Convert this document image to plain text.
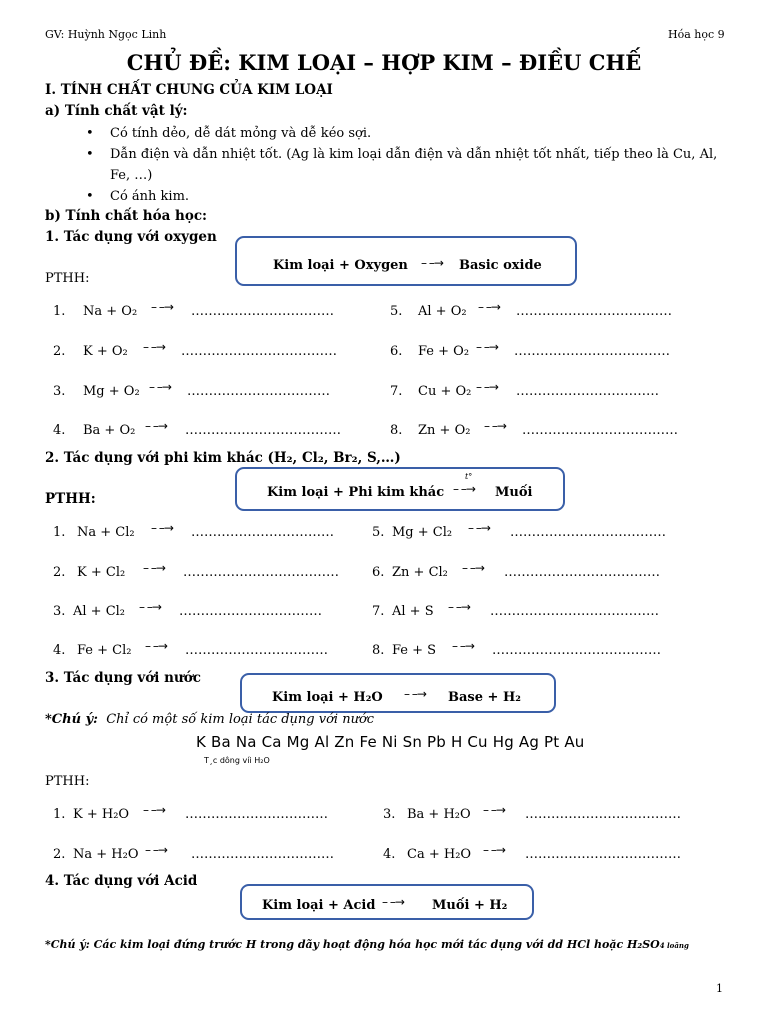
GV: Huỳnh Ngọc Linh	Hóa học 9
CHỦ ĐỀ: KIM LOẠI – HỢP KIM – ĐIỀU CHẾ
I. TÍNH CHẤT CHUNG CỦA KIM LOẠI
a) Tính chất vật lý:
• Có tính dẻo, dễ dát mỏng và dễ kéo sợi.
• Dẫn điện và dẫn nhiệt tốt. (Ag là kim loại dẫn điện và dẫn nhiệt tốt nhất, tiếp theo là Cu, Al,
Fe, …)
• Có ánh kim.
b) Tính chất hóa học:
1. Tác dụng với oxygen
Kim loại + Oxygen – –→ Basic oxide
PTHH:
1. Na + O₂ – –→ ……………………………
2. K + O₂ – –→ ………………………………
3. Mg + O₂ – –→ ……………………………
4. Ba + O₂ – –→ ………………………………
5. Al + O₂ – –→ ………………………………
6. Fe + O₂ – –→ ………………………………
7. Cu + O₂ – –→ ……………………………
8. Zn + O₂ – –→ ………………………………
2. Tác dụng với phi kim khác (H₂, Cl₂, Br₂, S,…)
Kim loại + Phi kim khác
t°
– –→ Muối
PTHH:
1. Na + Cl₂ – –→ ……………………………
2. K + Cl₂ – –→ ………………………………
3. Al + Cl₂ – –→ ……………………………
4. Fe + Cl₂ – –→ ……………………………
5. Mg + Cl₂ – –→ ………………………………
6. Zn + Cl₂ – –→ ………………………………
7. Al + S – –→ …………………………………
8. Fe + S – –→ …………………………………
3. Tác dụng với nước
Kim loại + H₂O – –→ Base + H₂
*Chú ý: Chỉ có một số kim loại tác dụng với nước
K Ba Na Ca Mg Al Zn Fe Ni Sn Pb H Cu Hg Ag Pt Au
T¸c dông víi H₂O
PTHH:
1. K + H₂O – –→ ……………………………
2. Na + H₂O – –→ ……………………………
3. Ba + H₂O – –→ ………………………………
4. Ca + H₂O – –→ ………………………………
4. Tác dụng với Acid
Kim loại + Acid – –→ Muối + H₂
*Chú ý: Các kim loại đứng trước H trong dãy hoạt động hóa học mới tác dụng với dd HCl hoặc H₂SO4 loãng
1
